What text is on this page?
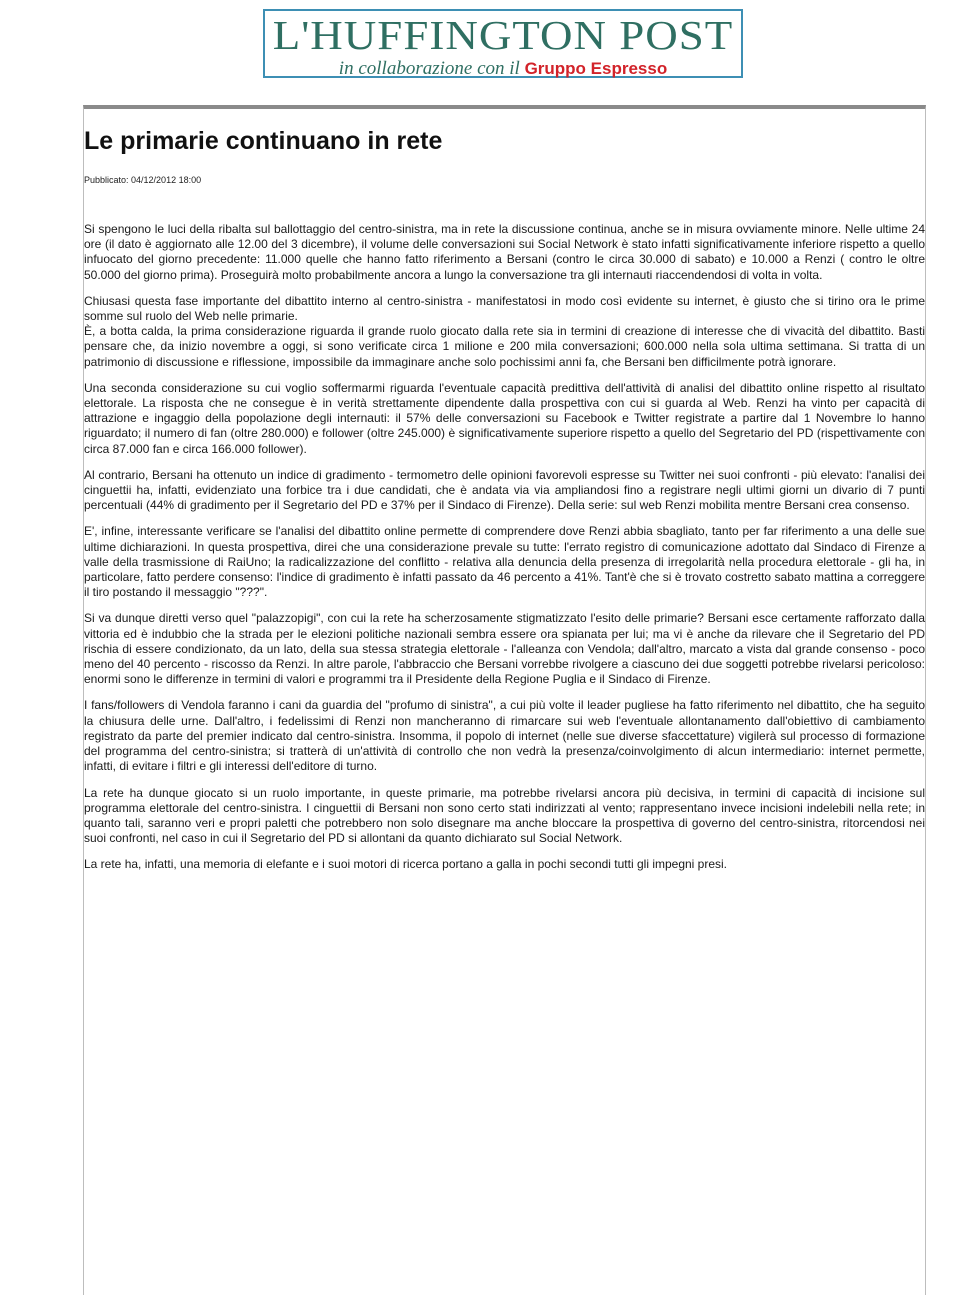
L'HUFFINGTON POST
in collaborazione con il Gruppo Espresso
Le primarie continuano in rete
Pubblicato: 04/12/2012 18:00

Si spengono le luci della ribalta sul ballottaggio del centro-sinistra, ma in rete la discussione continua, anche se in misura ovviamente minore. Nelle ultime 24 ore (il dato è aggiornato alle 12.00 del 3 dicembre), il volume delle conversazioni sui Social Network è stato infatti significativamente inferiore rispetto a quello infuocato del giorno precedente: 11.000 quelle che hanno fatto riferimento a Bersani (contro le circa 30.000 di sabato) e 10.000 a Renzi ( contro le oltre 50.000 del giorno prima). Proseguirà molto probabilmente ancora a lungo la conversazione tra gli internauti riaccendendosi di volta in volta.

Chiusasi questa fase importante del dibattito interno al centro-sinistra - manifestatosi in modo così evidente su internet, è giusto che si tirino ora le prime somme sul ruolo del Web nelle primarie.

È, a botta calda, la prima considerazione riguarda il grande ruolo giocato dalla rete sia in termini di creazione di interesse che di vivacità del dibattito. Basti pensare che, da inizio novembre a oggi, si sono verificate circa 1 milione e 200 mila conversazioni; 600.000 nella sola ultima settimana. Si tratta di un patrimonio di discussione e riflessione, impossibile da immaginare anche solo pochissimi anni fa, che Bersani ben difficilmente potrà ignorare.

Una seconda considerazione su cui voglio soffermarmi riguarda l'eventuale capacità predittiva dell'attività di analisi del dibattito online rispetto al risultato elettorale. La risposta che ne consegue è in verità strettamente dipendente dalla prospettiva con cui si guarda al Web. Renzi ha vinto per capacità di attrazione e ingaggio della popolazione degli internauti: il 57% delle conversazioni su Facebook e Twitter registrate a partire dal 1 Novembre lo hanno riguardato; il numero di fan (oltre 280.000) e follower (oltre 245.000) è significativamente superiore rispetto a quello del Segretario del PD (rispettivamente con circa 87.000 fan e circa 166.000 follower).

Al contrario, Bersani ha ottenuto un indice di gradimento - termometro delle opinioni favorevoli espresse su Twitter nei suoi confronti - più elevato: l'analisi dei cinguettii ha, infatti, evidenziato una forbice tra i due candidati, che è andata via via ampliandosi fino a registrare negli ultimi giorni un divario di 7 punti percentuali (44% di gradimento per il Segretario del PD e 37% per il Sindaco di Firenze). Della serie: sul web Renzi mobilita mentre Bersani crea consenso.

E', infine, interessante verificare se l'analisi del dibattito online permette di comprendere dove Renzi abbia sbagliato, tanto per far riferimento a una delle sue ultime dichiarazioni. In questa prospettiva, direi che una considerazione prevale su tutte: l'errato registro di comunicazione adottato dal Sindaco di Firenze a valle della trasmissione di RaiUno; la radicalizzazione del conflitto - relativa alla denuncia della presenza di irregolarità nella procedura elettorale - gli ha, in particolare, fatto perdere consenso: l'indice di gradimento è infatti passato da 46 percento a 41%. Tant'è che si è trovato costretto sabato mattina a correggere il tiro postando il messaggio "???".

Si va dunque diretti verso quel "palazzopigi", con cui la rete ha scherzosamente stigmatizzato l'esito delle primarie? Bersani esce certamente rafforzato dalla vittoria ed è indubbio che la strada per le elezioni politiche nazionali sembra essere ora spianata per lui; ma vi è anche da rilevare che il Segretario del PD rischia di essere condizionato, da un lato, della sua stessa strategia elettorale - l'alleanza con Vendola; dall'altro, marcato a vista dal grande consenso - poco meno del 40 percento - riscosso da Renzi. In altre parole, l'abbraccio che Bersani vorrebbe rivolgere a ciascuno dei due soggetti potrebbe rivelarsi pericoloso: enormi sono le differenze in termini di valori e programmi tra il Presidente della Regione Puglia e il Sindaco di Firenze.

I fans/followers di Vendola faranno i cani da guardia del "profumo di sinistra", a cui più volte il leader pugliese ha fatto riferimento nel dibattito, che ha seguito la chiusura delle urne. Dall'altro, i fedelissimi di Renzi non mancheranno di rimarcare sui web l'eventuale allontanamento dall'obiettivo di cambiamento registrato da parte del premier indicato dal centro-sinistra. Insomma, il popolo di internet (nelle sue diverse sfaccettature) vigilerà sul processo di formazione del programma del centro-sinistra; si tratterà di un'attività di controllo che non vedrà la presenza/coinvolgimento di alcun intermediario: internet permette, infatti, di evitare i filtri e gli interessi dell'editore di turno.

La rete ha dunque giocato si un ruolo importante, in queste primarie, ma potrebbe rivelarsi ancora più decisiva, in termini di capacità di incisione sul programma elettorale del centro-sinistra. I cinguettii di Bersani non sono certo stati indirizzati al vento; rappresentano invece incisioni indelebili nella rete; in quanto tali, saranno veri e propri paletti che potrebbero non solo disegnare ma anche bloccare la prospettiva di governo del centro-sinistra, ritorcendosi nei suoi confronti, nel caso in cui il Segretario del PD si allontani da quanto dichiarato sul Social Network.

La rete ha, infatti, una memoria di elefante e i suoi motori di ricerca portano a galla in pochi secondi tutti gli impegni presi.
